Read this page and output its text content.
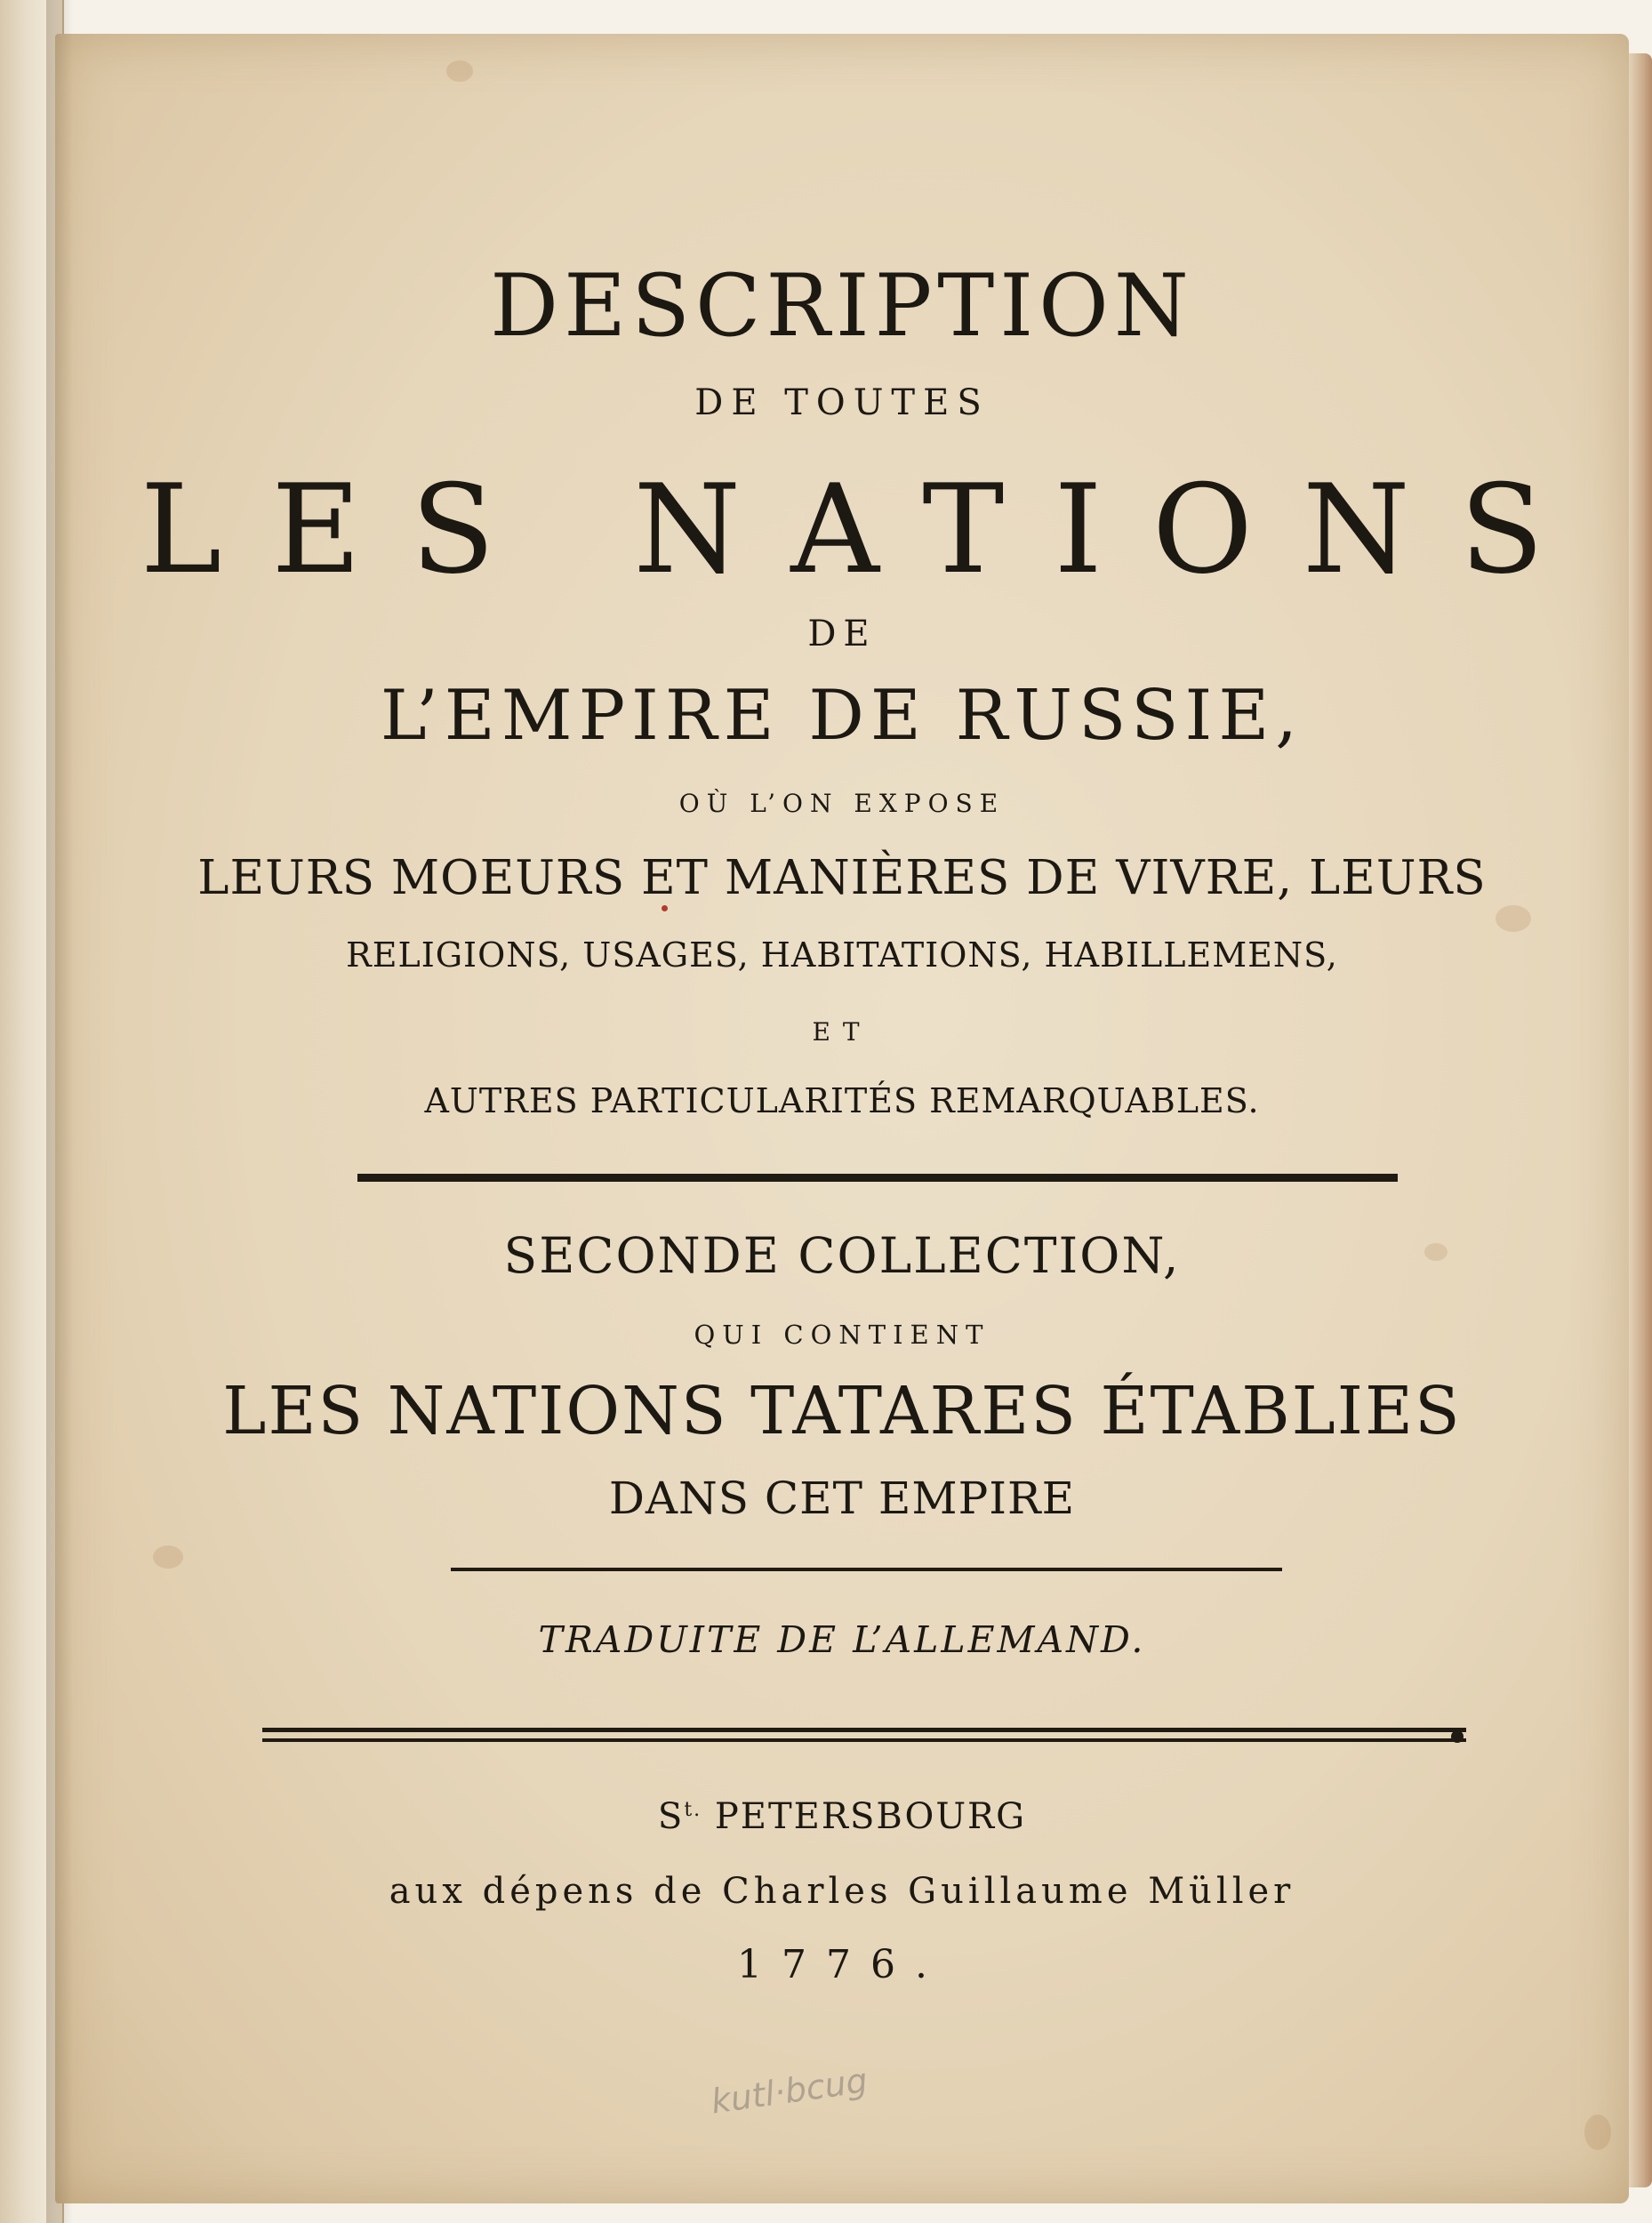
DESCRIPTION
DE TOUTES
LES NATIONS
DE
L’EMPIRE DE RUSSIE,
OÙ L’ON EXPOSE
LEURS MOEURS ET MANIÈRES DE VIVRE, LEURS
RELIGIONS, USAGES, HABITATIONS, HABILLEMENS,
ET
AUTRES PARTICULARITÉS REMARQUABLES.
SECONDE COLLECTION,
QUI CONTIENT
LES NATIONS TATARES ÉTABLIES
DANS CET EMPIRE
TRADUITE DE L’ALLEMAND.
$S^{t.}$ PETERSBOURG
aux dépens de Charles Guillaume Müller
1776.
kutl·bcug
